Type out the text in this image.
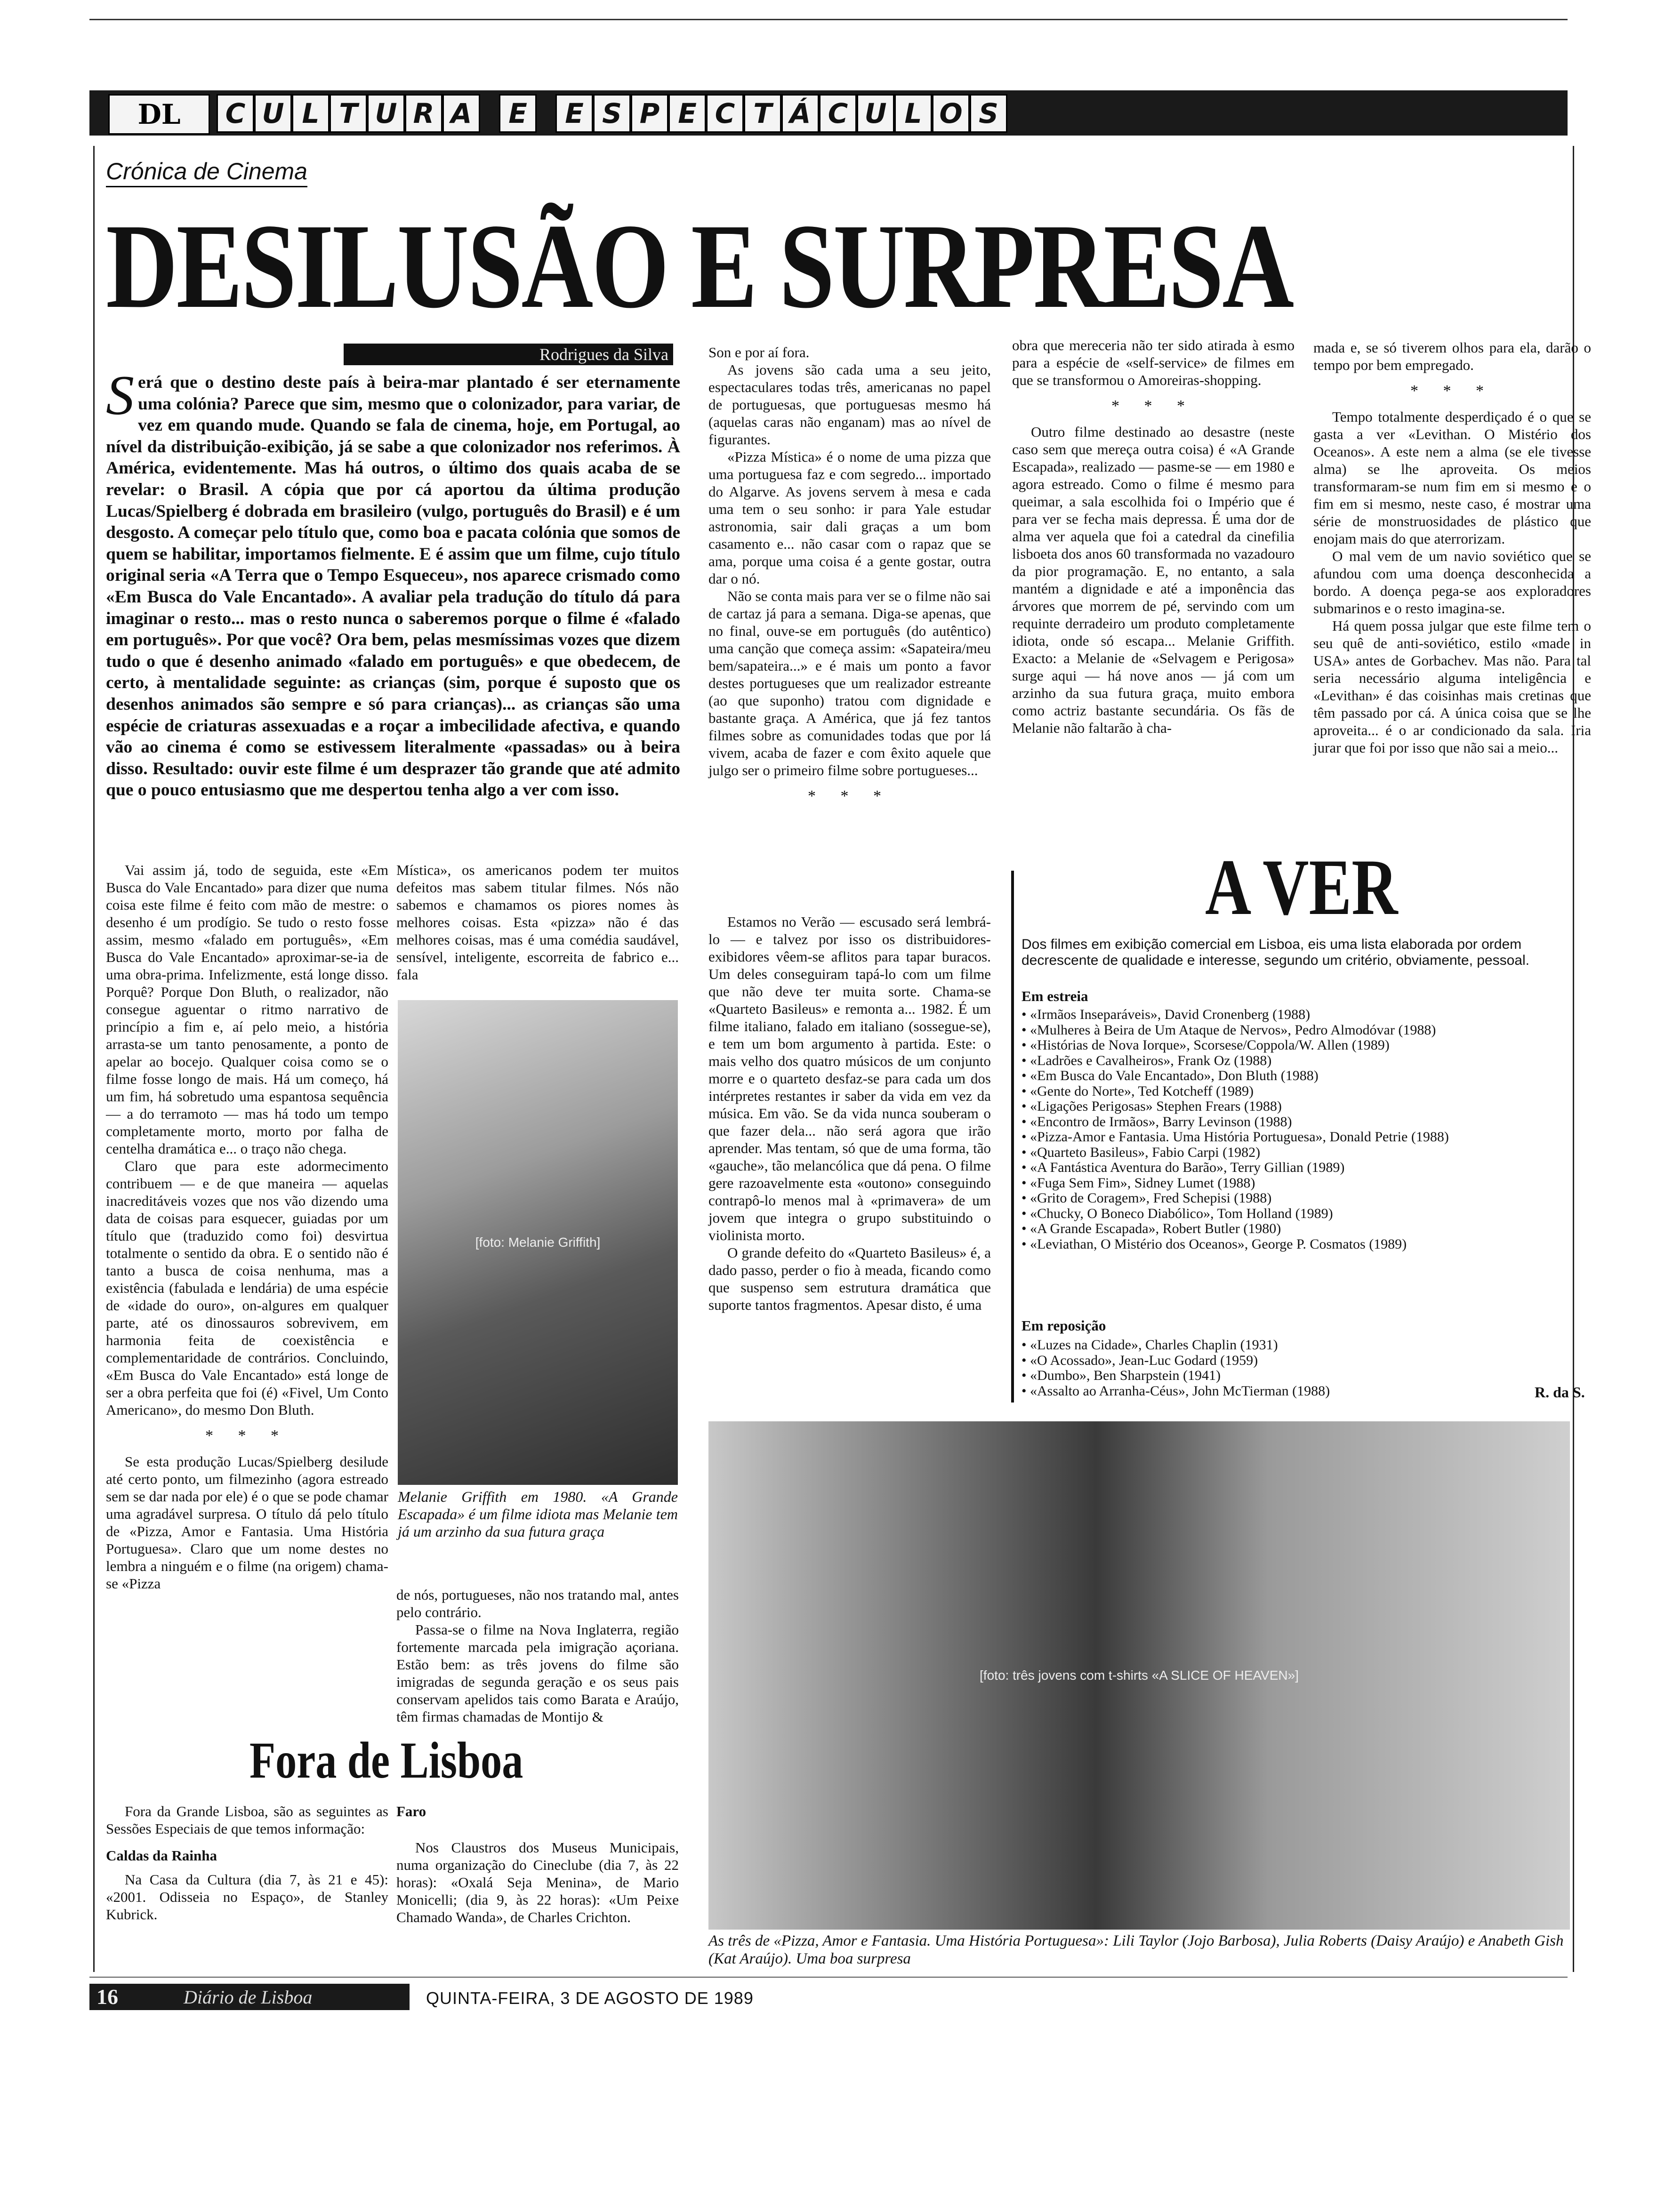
DL	C U L T U R A	E	E S P E C T Á C U L O S
Crónica de Cinema
DESILUSÃO E SURPRESA
Rodrigues da Silva
S erá que o destino deste país à beira-mar plantado é ser eternamente uma colónia? Parece que sim, mesmo que o colonizador, para variar, de vez em quando mude. Quando se fala de cinema, hoje, em Portugal, ao nível da distribuição-exibição, já se sabe a que colonizador nos referimos. À América, evidentemente. Mas há outros, o último dos quais acaba de se revelar: o Brasil. A cópia que por cá aportou da última produção Lucas/Spielberg é dobrada em brasileiro (vulgo, português do Brasil) e é um desgosto. A começar pelo título que, como boa e pacata colónia que somos de quem se habilitar, importamos fielmente. E é assim que um filme, cujo título original seria «A Terra que o Tempo Esqueceu», nos aparece crismado como «Em Busca do Vale Encantado». A avaliar pela tradução do título dá para imaginar o resto... mas o resto nunca o saberemos porque o filme é «falado em português». Por que você? Ora bem, pelas mesmíssimas vozes que dizem tudo o que é desenho animado «falado em português» e que obedecem, de certo, à mentalidade seguinte: as crianças (sim, porque é suposto que os desenhos animados são sempre e só para crianças)... as crianças são uma espécie de criaturas assexuadas e a roçar a imbecilidade afectiva, e quando vão ao cinema é como se estivessem literalmente «passadas» ou à beira disso. Resultado: ouvir este filme é um desprazer tão grande que até admito que o pouco entusiasmo que me despertou tenha algo a ver com isso.

Vai assim já, todo de seguida, este «Em Busca do Vale Encantado» para dizer que numa coisa este filme é feito com mão de mestre: o desenho é um prodígio. Se tudo o resto fosse assim, mesmo «falado em português», «Em Busca do Vale Encantado» aproximar-se-ia de uma obra-prima. Infelizmente, está longe disso. Porquê? Porque Don Bluth, o realizador, não consegue aguentar o ritmo narrativo de princípio a fim e, aí pelo meio, a história arrasta-se um tanto penosamente, a ponto de apelar ao bocejo. Qualquer coisa como se o filme fosse longo de mais. Há um começo, há um fim, há sobretudo uma espantosa sequência — a do terramoto — mas há todo um tempo completamente morto, morto por falha de centelha dramática e... o traço não chega.

Claro que para este adormecimento contribuem — e de que maneira — aquelas inacreditáveis vozes que nos vão dizendo uma data de coisas para esquecer, guiadas por um título que (traduzido como foi) desvirtua totalmente o sentido da obra. E o sentido não é tanto a busca de coisa nenhuma, mas a existência (fabulada e lendária) de uma espécie de «idade do ouro», on-algures em qualquer parte, até os dinossauros sobrevivem, em harmonia feita de coexistência e complementaridade de contrários. Concluindo, «Em Busca do Vale Encantado» está longe de ser a obra perfeita que foi (é) «Fivel, Um Conto Americano», do mesmo Don Bluth.

* * *

Se esta produção Lucas/Spielberg desilude até certo ponto, um filmezinho (agora estreado sem se dar nada por ele) é o que se pode chamar uma agradável surpresa. O título dá pelo título de «Pizza, Amor e Fantasia. Uma História Portuguesa». Claro que um nome destes no lembra a ninguém e o filme (na origem) chama-se «Pizza

Mística», os americanos podem ter muitos defeitos mas sabem titular filmes. Nós não sabemos e chamamos os piores nomes às melhores coisas. Esta «pizza» não é das melhores coisas, mas é uma comédia saudável, sensível, inteligente, escorreita de fabrico e... fala

[foto: Melanie Griffith]
Melanie Griffith em 1980. «A Grande Escapada» é um filme idiota mas Melanie tem já um arzinho da sua futura graça

de nós, portugueses, não nos tratando mal, antes pelo contrário.

Passa-se o filme na Nova Inglaterra, região fortemente marcada pela imigração açoriana. Estão bem: as três jovens do filme são imigradas de segunda geração e os seus pais conservam apelidos tais como Barata e Araújo, têm firmas chamadas de Montijo &

Son e por aí fora.

As jovens são cada uma a seu jeito, espectaculares todas três, americanas no papel de portuguesas, que portuguesas mesmo há (aquelas caras não enganam) mas ao nível de figurantes.

«Pizza Mística» é o nome de uma pizza que uma portuguesa faz e com segredo... importado do Algarve. As jovens servem à mesa e cada uma tem o seu sonho: ir para Yale estudar astronomia, sair dali graças a um bom casamento e... não casar com o rapaz que se ama, porque uma coisa é a gente gostar, outra dar o nó.

Não se conta mais para ver se o filme não sai de cartaz já para a semana. Diga-se apenas, que no final, ouve-se em português (do autêntico) uma canção que começa assim: «Sapateira/meu bem/sapateira...» e é mais um ponto a favor destes portugueses que um realizador estreante (ao que suponho) tratou com dignidade e bastante graça. A América, que já fez tantos filmes sobre as comunidades todas que por lá vivem, acaba de fazer e com êxito aquele que julgo ser o primeiro filme sobre portugueses...

* * *

Estamos no Verão — escusado será lembrá-lo — e talvez por isso os distribuidores-exibidores vêem-se aflitos para tapar buracos. Um deles conseguiram tapá-lo com um filme que não deve ter muita sorte. Chama-se «Quarteto Basileus» e remonta a... 1982. É um filme italiano, falado em italiano (sossegue-se), e tem um bom argumento à partida. Este: o mais velho dos quatro músicos de um conjunto morre e o quarteto desfaz-se para cada um dos intérpretes restantes ir saber da vida em vez da música. Em vão. Se da vida nunca souberam o que fazer dela... não será agora que irão aprender. Mas tentam, só que de uma forma, tão «gauche», tão melancólica que dá pena. O filme gere razoavelmente esta «outono» conseguindo contrapô-lo menos mal à «primavera» de um jovem que integra o grupo substituindo o violinista morto.

O grande defeito do «Quarteto Basileus» é, a dado passo, perder o fio à meada, ficando como que suspenso sem estrutura dramática que suporte tantos fragmentos. Apesar disto, é uma

obra que mereceria não ter sido atirada à esmo para a espécie de «self-service» de filmes em que se transformou o Amoreiras-shopping.

* * *

Outro filme destinado ao desastre (neste caso sem que mereça outra coisa) é «A Grande Escapada», realizado — pasme-se — em 1980 e agora estreado. Como o filme é mesmo para queimar, a sala escolhida foi o Império que é para ver se fecha mais depressa. É uma dor de alma ver aquela que foi a catedral da cinefilia lisboeta dos anos 60 transformada no vazadouro da pior programação. E, no entanto, a sala mantém a dignidade e até a imponência das árvores que morrem de pé, servindo com um requinte derradeiro um produto completamente idiota, onde só escapa... Melanie Griffith. Exacto: a Melanie de «Selvagem e Perigosa» surge aqui — há nove anos — já com um arzinho da sua futura graça, muito embora como actriz bastante secundária. Os fãs de Melanie não faltarão à cha-

mada e, se só tiverem olhos para ela, darão o tempo por bem empregado.

* * *

Tempo totalmente desperdiçado é o que se gasta a ver «Levithan. O Mistério dos Oceanos». A este nem a alma (se ele tivesse alma) se lhe aproveita. Os meios transformaram-se num fim em si mesmo e o fim em si mesmo, neste caso, é mostrar uma série de monstruosidades de plástico que enojam mais do que aterrorizam.

O mal vem de um navio soviético que se afundou com uma doença desconhecida a bordo. A doença pega-se aos exploradores submarinos e o resto imagina-se.

Há quem possa julgar que este filme tem o seu quê de anti-soviético, estilo «made in USA» antes de Gorbachev. Mas não. Para tal seria necessário alguma inteligência e «Levithan» é das coisinhas mais cretinas que têm passado por cá. A única coisa que se lhe aproveita... é o ar condicionado da sala. Iria jurar que foi por isso que não sai a meio...

A VER
Dos filmes em exibição comercial em Lisboa, eis uma lista elaborada por ordem decrescente de qualidade e interesse, segundo um critério, obviamente, pessoal.
Em estreia
• «Irmãos Inseparáveis», David Cronenberg (1988)
• «Mulheres à Beira de Um Ataque de Nervos», Pedro Almodóvar (1988)
• «Histórias de Nova Iorque», Scorsese/Coppola/W. Allen (1989)
• «Ladrões e Cavalheiros», Frank Oz (1988)
• «Em Busca do Vale Encantado», Don Bluth (1988)
• «Gente do Norte», Ted Kotcheff (1989)
• «Ligações Perigosas» Stephen Frears (1988)
• «Encontro de Irmãos», Barry Levinson (1988)
• «Pizza-Amor e Fantasia. Uma História Portuguesa», Donald Petrie (1988)
• «Quarteto Basileus», Fabio Carpi (1982)
• «A Fantástica Aventura do Barão», Terry Gillian (1989)
• «Fuga Sem Fim», Sidney Lumet (1988)
• «Grito de Coragem», Fred Schepisi (1988)
• «Chucky, O Boneco Diabólico», Tom Holland (1989)
• «A Grande Escapada», Robert Butler (1980)
• «Leviathan, O Mistério dos Oceanos», George P. Cosmatos (1989)
Em reposição
• «Luzes na Cidade», Charles Chaplin (1931)
• «O Acossado», Jean-Luc Godard (1959)
• «Dumbo», Ben Sharpstein (1941)
• «Assalto ao Arranha-Céus», John McTierman (1988)	R. da S.
[foto: três jovens com t-shirts «A SLICE OF HEAVEN»]
As três de «Pizza, Amor e Fantasia. Uma História Portuguesa»: Lili Taylor (Jojo Barbosa), Julia Roberts (Daisy Araújo) e Anabeth Gish (Kat Araújo). Uma boa surpresa
Fora de Lisboa

Fora da Grande Lisboa, são as seguintes as Sessões Especiais de que temos informação:

Caldas da Rainha

Na Casa da Cultura (dia 7, às 21 e 45): «2001. Odisseia no Espaço», de Stanley Kubrick.

Faro

Nos Claustros dos Museus Municipais, numa organização do Cineclube (dia 7, às 22 horas): «Oxalá Seja Menina», de Mario Monicelli; (dia 9, às 22 horas): «Um Peixe Chamado Wanda», de Charles Crichton.

16	Diário de Lisboa	QUINTA-FEIRA, 3 DE AGOSTO DE 1989
